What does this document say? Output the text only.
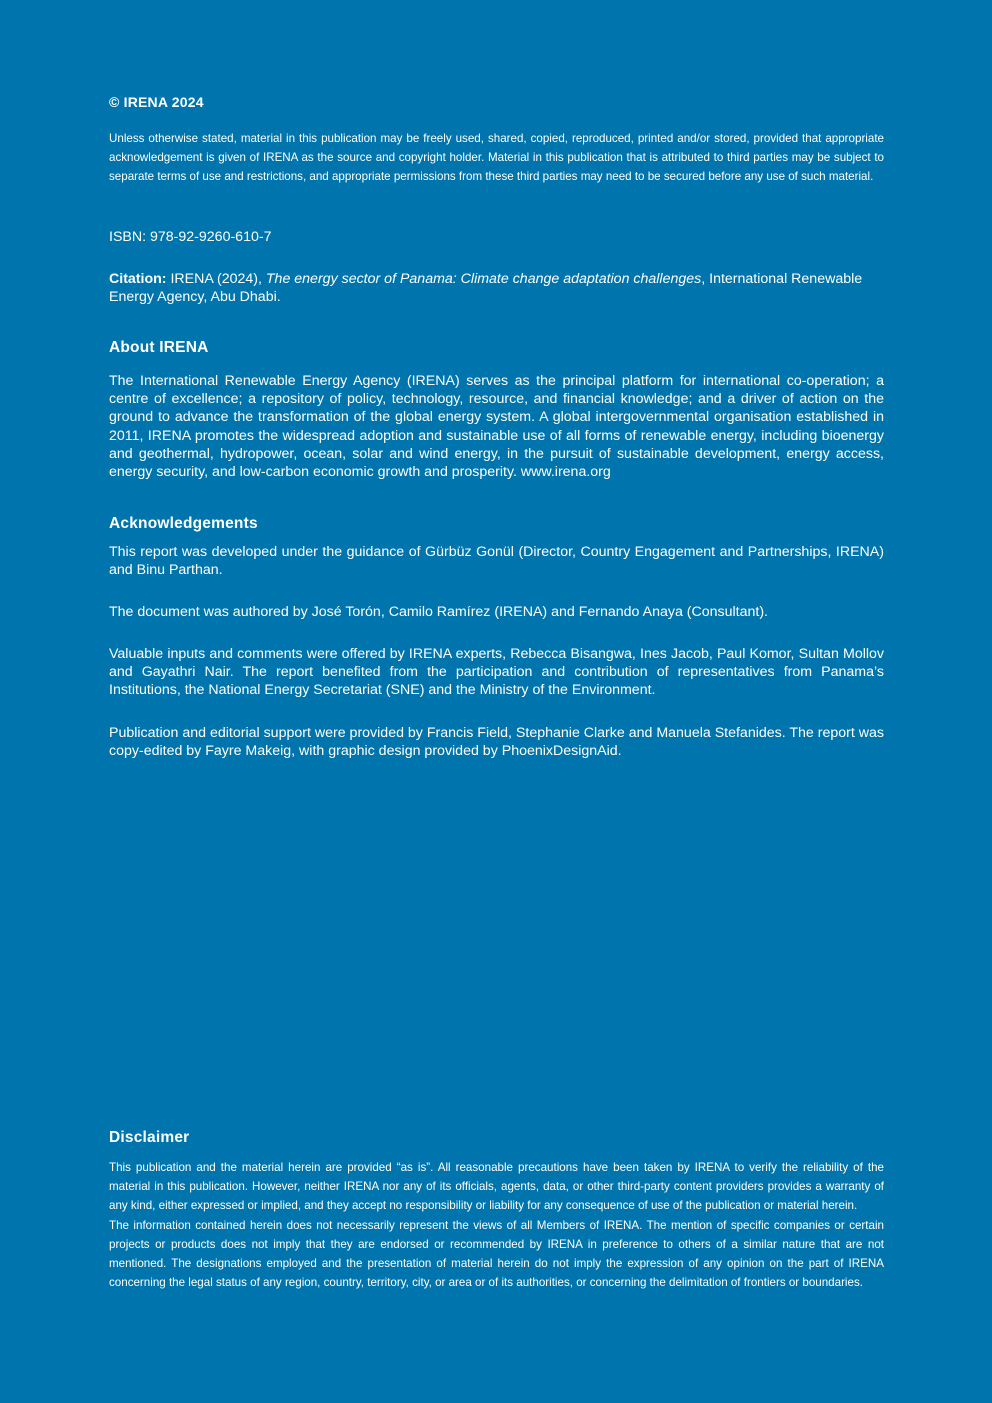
© IRENA 2024

Unless otherwise stated, material in this publication may be freely used, shared, copied, reproduced, printed and/or stored, provided that appropriate acknowledgement is given of IRENA as the source and copyright holder. Material in this publication that is attributed to third parties may be subject to separate terms of use and restrictions, and appropriate permissions from these third parties may need to be secured before any use of such material.

ISBN: 978-92-9260-610-7

Citation: IRENA (2024), The energy sector of Panama: Climate change adaptation challenges, International Renewable Energy Agency, Abu Dhabi.

About IRENA

The International Renewable Energy Agency (IRENA) serves as the principal platform for international co-operation; a centre of excellence; a repository of policy, technology, resource, and financial knowledge; and a driver of action on the ground to advance the transformation of the global energy system. A global intergovernmental organisation established in 2011, IRENA promotes the widespread adoption and sustainable use of all forms of renewable energy, including bioenergy and geothermal, hydropower, ocean, solar and wind energy, in the pursuit of sustainable development, energy access, energy security, and low-carbon economic growth and prosperity. www.irena.org

Acknowledgements

This report was developed under the guidance of Gürbüz Gonül (Director, Country Engagement and Partnerships, IRENA) and Binu Parthan.

The document was authored by José Torón, Camilo Ramírez (IRENA) and Fernando Anaya (Consultant).

Valuable inputs and comments were offered by IRENA experts, Rebecca Bisangwa, Ines Jacob, Paul Komor, Sultan Mollov and Gayathri Nair. The report benefited from the participation and contribution of representatives from Panama’s Institutions, the National Energy Secretariat (SNE) and the Ministry of the Environment.

Publication and editorial support were provided by Francis Field, Stephanie Clarke and Manuela Stefanides. The report was copy-edited by Fayre Makeig, with graphic design provided by PhoenixDesignAid.

Disclaimer

This publication and the material herein are provided “as is”. All reasonable precautions have been taken by IRENA to verify the reliability of the material in this publication. However, neither IRENA nor any of its officials, agents, data, or other third-party content providers provides a warranty of any kind, either expressed or implied, and they accept no responsibility or liability for any consequence of use of the publication or material herein.

The information contained herein does not necessarily represent the views of all Members of IRENA. The mention of specific companies or certain projects or products does not imply that they are endorsed or recommended by IRENA in preference to others of a similar nature that are not mentioned. The designations employed and the presentation of material herein do not imply the expression of any opinion on the part of IRENA concerning the legal status of any region, country, territory, city, or area or of its authorities, or concerning the delimitation of frontiers or boundaries.
